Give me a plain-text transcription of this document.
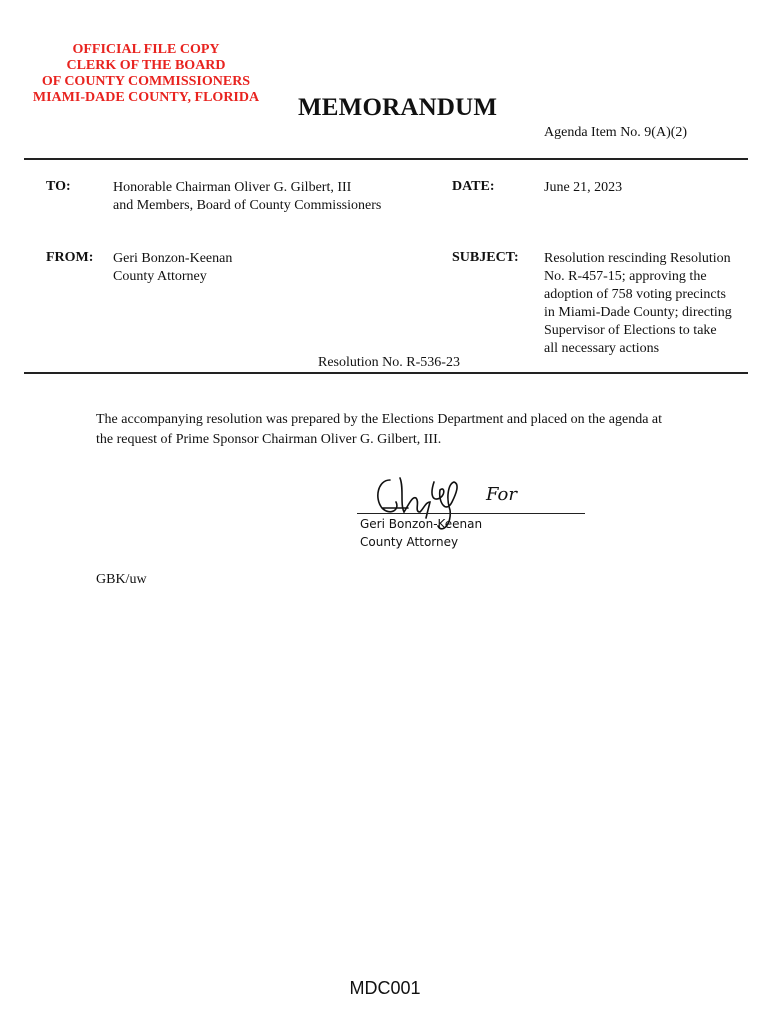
OFFICIAL FILE COPY
CLERK OF THE BOARD
OF COUNTY COMMISSIONERS
MIAMI-DADE COUNTY, FLORIDA	MEMORANDUM
Agenda Item No. 9(A)(2)
TO:	Honorable Chairman Oliver G. Gilbert, III
and Members, Board of County Commissioners
DATE:	June 21, 2023
FROM: Geri Bonzon-Keenan
County Attorney
SUBJECT: Resolution rescinding Resolution
No. R-457-15; approving the
adoption of 758 voting precincts
in Miami-Dade County; directing
Supervisor of Elections to take
all necessary actions
Resolution No. R-536-23
The accompanying resolution was prepared by the Elections Department and placed on the agenda at
the request of Prime Sponsor Chairman Oliver G. Gilbert, III.
For
Geri Bonzon-Keenan
County Attorney
GBK/uw
MDC001
